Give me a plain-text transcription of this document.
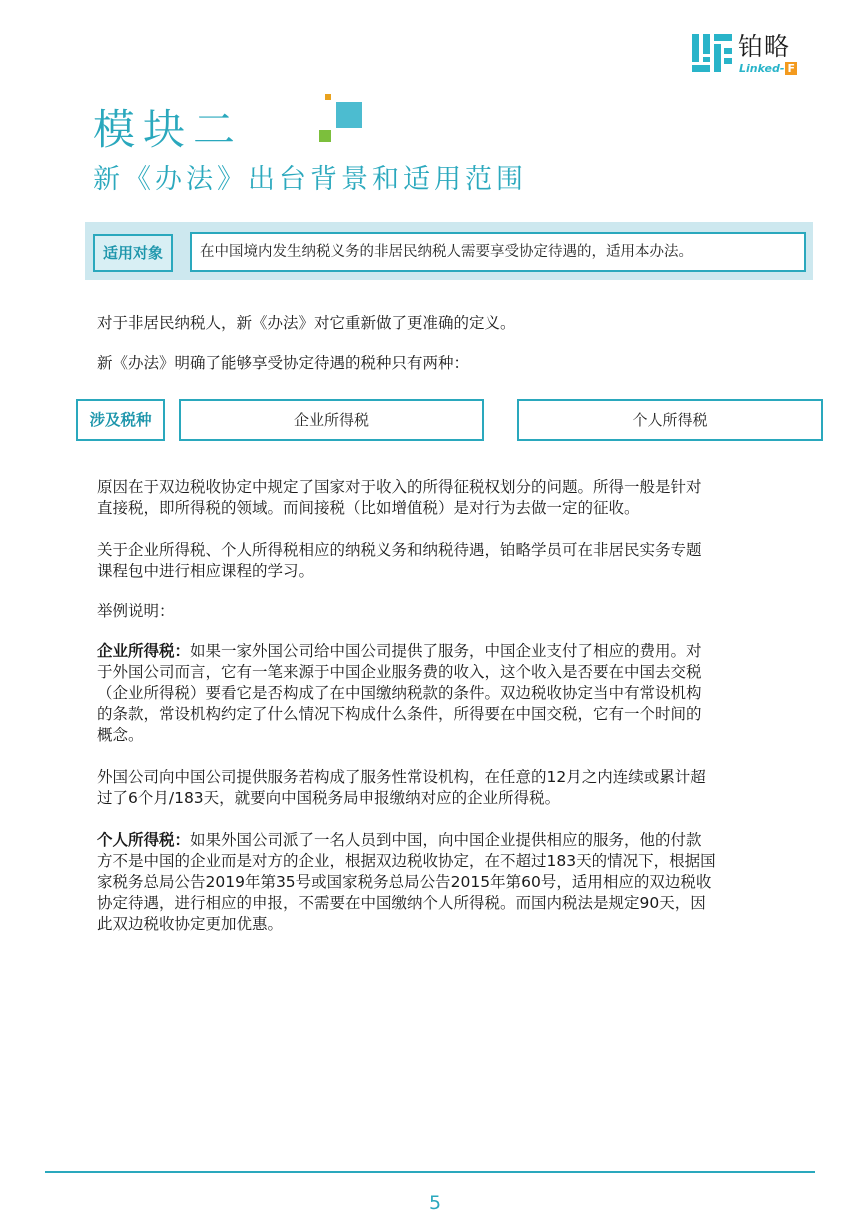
铂略
Linked- F
模块二
新《办法》出台背景和适用范围
适用对象	在中国境内发生纳税义务的非居民纳税人需要享受协定待遇的，适用本办法。
对于非居民纳税人，新《办法》对它重新做了更准确的定义。
新《办法》明确了能够享受协定待遇的税种只有两种：
涉及税种	企业所得税	个人所得税
原因在于双边税收协定中规定了国家对于收入的所得征税权划分的问题。所得一般是针对
直接税，即所得税的领域。而间接税（比如增值税）是对行为去做一定的征收。
关于企业所得税、个人所得税相应的纳税义务和纳税待遇，铂略学员可在非居民实务专题
课程包中进行相应课程的学习。
举例说明：
企业所得税：如果一家外国公司给中国公司提供了服务，中国企业支付了相应的费用。对
于外国公司而言，它有一笔来源于中国企业服务费的收入，这个收入是否要在中国去交税
（企业所得税）要看它是否构成了在中国缴纳税款的条件。双边税收协定当中有常设机构
的条款，常设机构约定了什么情况下构成什么条件，所得要在中国交税，它有一个时间的
概念。
外国公司向中国公司提供服务若构成了服务性常设机构，在任意的12月之内连续或累计超
过了6个月/183天，就要向中国税务局申报缴纳对应的企业所得税。
个人所得税：如果外国公司派了一名人员到中国，向中国企业提供相应的服务，他的付款
方不是中国的企业而是对方的企业，根据双边税收协定，在不超过183天的情况下，根据国
家税务总局公告2019年第35号或国家税务总局公告2015年第60号，适用相应的双边税收
协定待遇，进行相应的申报，不需要在中国缴纳个人所得税。而国内税法是规定90天，因
此双边税收协定更加优惠。
5
